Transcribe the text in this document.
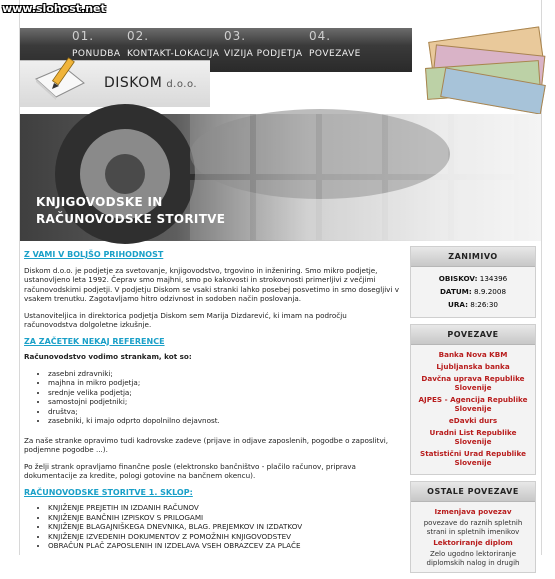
www.slohost.net
01.
PONUDBA
02.
KONTAKT-LOKACIJA
03.
VIZIJA PODJETJA
04.
POVEZAVE
DISKOM d.o.o.
KNJIGOVODSKE IN
RAČUNOVODSKE STORITVE
Z VAMI V BOLJŠO PRIHODNOST

Diskom d.o.o. je podjetje za svetovanje, knjigovodstvo, trgovino in inženiring. Smo mikro podjetje, ustanovljeno leta 1992. Čeprav smo majhni, smo po kakovosti in strokovnosti primerljivi z večjimi računovodskimi podjetji. V podjetju Diskom se vsaki stranki lahko posebej posvetimo in smo dosegljivi v vsakem trenutku. Zagotavljamo hitro odzivnost in sodoben način poslovanja.

Ustanoviteljica in direktorica podjetja Diskom sem Marija Dizdarević, ki imam na področju računovodstva dolgoletne izkušnje.

ZA ZAČETEK NEKAJ REFERENCE

Računovodstvo vodimo strankam, kot so:

• zasebni zdravniki;
• majhna in mikro podjetja;
• srednje velika podjetja;
• samostojni podjetniki;
• društva;
• zasebniki, ki imajo odprto dopolnilno dejavnost.

Za naše stranke opravimo tudi kadrovske zadeve (prijave in odjave zaposlenih, pogodbe o zaposlitvi, podjemne pogodbe ...).

Po želji strank opravljamo finančne posle (elektronsko bančništvo - plačilo računov, priprava dokumentacije za kredite, pologi gotovine na bančnem okencu).

RAČUNOVODSKE STORITVE 1. SKLOP:
• KNJIŽENJE PREJETIH IN IZDANIH RAČUNOV
• KNJIŽENJE BANČNIH IZPISKOV S PRILOGAMI
• KNJIŽENJE BLAGAJNIŠKEGA DNEVNIKA, BLAG. PREJEMKOV IN IZDATKOV
• KNJIŽENJE IZVEDENIH DOKUMENTOV Z POMOŽNIH KNJIGOVODSTEV
• OBRAČUN PLAČ ZAPOSLENIH IN IZDELAVA VSEH OBRAZCEV ZA PLAČE
ZANIMIVO
OBISKOV: 134396
DATUM: 8.9.2008
URA: 8:26:30
POVEZAVE
Banka Nova KBM
Ljubljanska banka
Davčna uprava Republike Slovenije
AJPES - Agencija Republike Slovenije
eDavki durs
Uradni List Republike Slovenije
Statistični Urad Republike Slovenije
OSTALE POVEZAVE
Izmenjava povezav
povezave do raznih spletnih strani in spletnih imenikov
Lektoriranje diplom
Zelo ugodno lektoriranje diplomskih nalog in drugih
